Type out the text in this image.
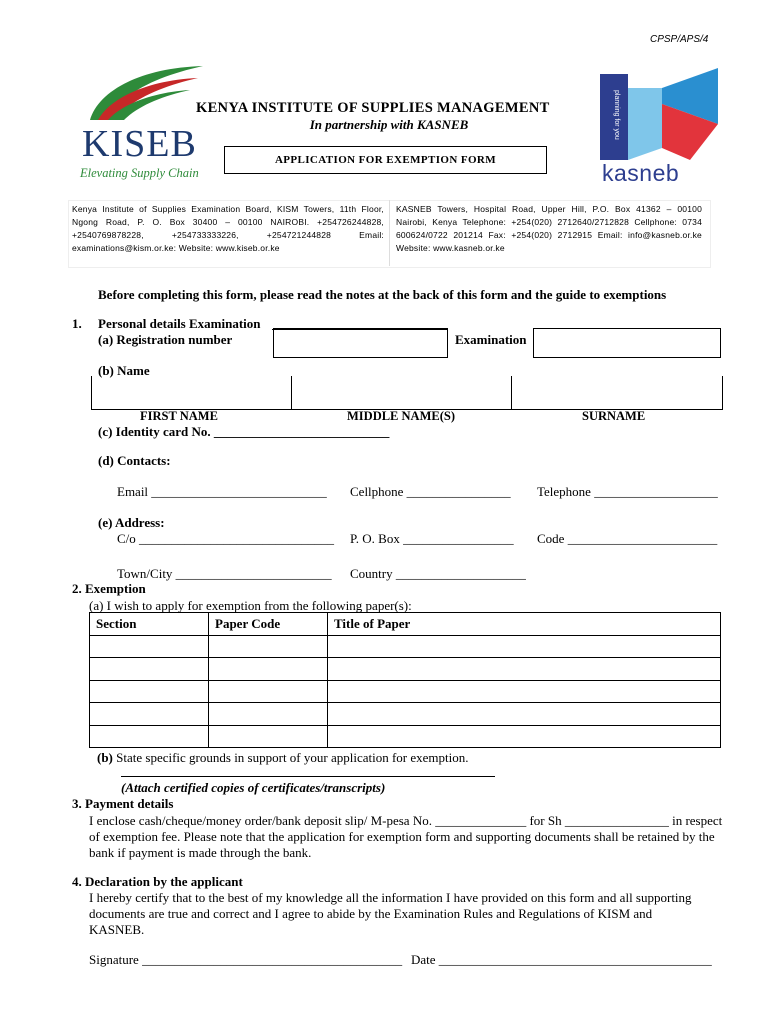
CPSP/APS/4
KISEB
Elevating Supply Chain
planning for you
kasneb
KENYA INSTITUTE OF SUPPLIES MANAGEMENT
In partnership with KASNEB
APPLICATION FOR EXEMPTION FORM
Kenya Institute of Supplies Examination Board, KISM Towers, 11th Floor, Ngong Road, P. O. Box 30400 – 00100 NAIROBI. +254726244828, +2540769878228, +254733333226, +254721244828 Email: examinations@kism.or.ke: Website: www.kiseb.or.ke
KASNEB Towers, Hospital Road, Upper Hill, P.O. Box 41362 – 00100 Nairobi, Kenya Telephone: +254(020) 2712640/2712828 Cellphone: 0734 600624/0722 201214 Fax: +254(020) 2712915 Email: info@kasneb.or.ke Website: www.kasneb.or.ke
Before completing this form, please read the notes at the back of this form and the guide to exemptions
1. Personal details Examination
(a) Registration number	Examination
(b) Name
FIRST NAME	MIDDLE NAME(S)	SURNAME
(c) Identity card No. ___________________________
(d) Contacts:
Email ___________________________ Cellphone ________________ Telephone ___________________
(e) Address:
C/o ______________________________ P. O. Box _________________ Code _______________________
Town/City ________________________ Country ____________________
2. Exemption
(a) I wish to apply for exemption from the following paper(s):
Section	Paper Code	Title of Paper

(b) State specific grounds in support of your application for exemption.
(Attach certified copies of certificates/transcripts)
3. Payment details
I enclose cash/cheque/money order/bank deposit slip/ M-pesa No. ______________ for Sh ________________ in respect
of exemption fee. Please note that the application for exemption form and supporting documents shall be retained by the
bank if payment is made through the bank.
4. Declaration by the applicant
I hereby certify that to the best of my knowledge all the information I have provided on this form and all supporting
documents are true and correct and I agree to abide by the Examination Rules and Regulations of KISM and
KASNEB.
Signature ________________________________________ Date __________________________________________
